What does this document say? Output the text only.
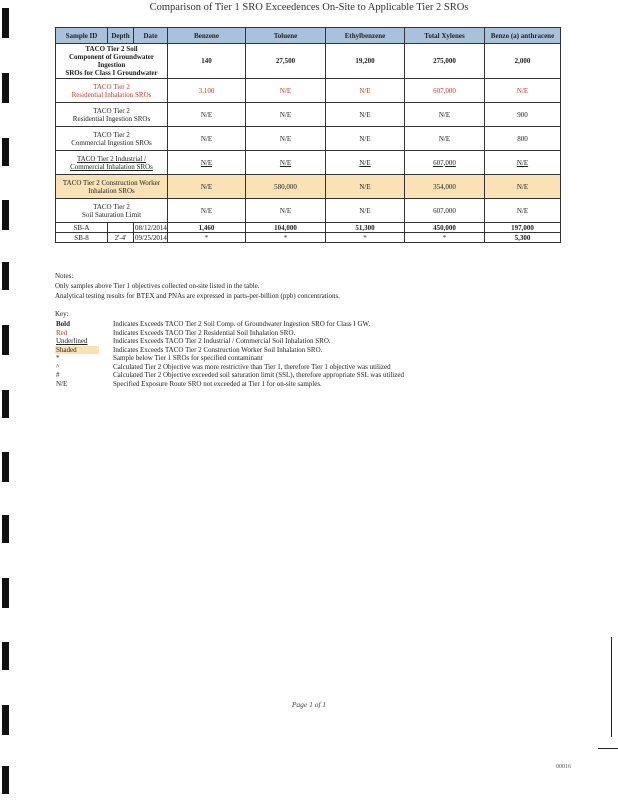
Comparison of Tier 1 SRO Exceedences On-Site to Applicable Tier 2 SROs
Sample ID	Depth	Date	Benzene	Toluene	Ethylbenzene	Total Xylenes	Benzo (a) anthracene

TACO Tier 2 Soil
Component of Groundwater Ingestion
SROs for Class I Groundwater			140	27,500	19,200	275,000	2,000

TACO Tier 2
Residential Inhalation SROs			3,100	N/E	N/E	607,000	N/E

TACO Tier 2
Residential Ingestion SROs			N/E	N/E	N/E	N/E	900

TACO Tier 2
Commercial Ingestion SROs			N/E	N/E	N/E	N/E	800

TACO Tier 2 Industrial /
Commercial Inhalation SROs			N/E	N/E	N/E	607,000	N/E

TACO Tier 2 Construction Worker
Inhalation SROs			N/E	580,000	N/E	354,000	N/E

TACO Tier 2
Soil Saturation Limit			N/E	N/E	N/E	607,000	N/E
SB-A		08/12/2014	1,460	104,000	51,300	450,000	197,000
SB-8	2'-4'	09/25/2014	*	*	*	*	5,300
Notes:
Only samples above Tier 1 objectives collected on-site listed in the table.
Analytical testing results for BTEX and PNAs are expressed in parts-per-billion (ppb) concentrations.
Key:
Bold	Indicates Exceeds TACO Tier 2 Soil Comp. of Groundwater Ingestion SRO for Class I GW.
Red	Indicates Exceeds TACO Tier 2 Residential Soil Inhalation SRO.
Underlined	Indicates Exceeds TACO Tier 2 Industrial / Commercial Soil Inhalation SRO.
Shaded	Indicates Exceeds TACO Tier 2 Construction Worker Soil Inhalation SRO.
*	Sample below Tier 1 SROs for specified contaminant
^	Calculated Tier 2 Objective was more restrictive than Tier 1, therefore Tier 1 objective was utilized
#	Calculated Tier 2 Objective exceeded soil saturation limit (SSL), therefore appropriate SSL was utilized
N/E	Specified Exposure Route SRO not exceeded at Tier 1 for on-site samples.
Page 1 of 1
00016
